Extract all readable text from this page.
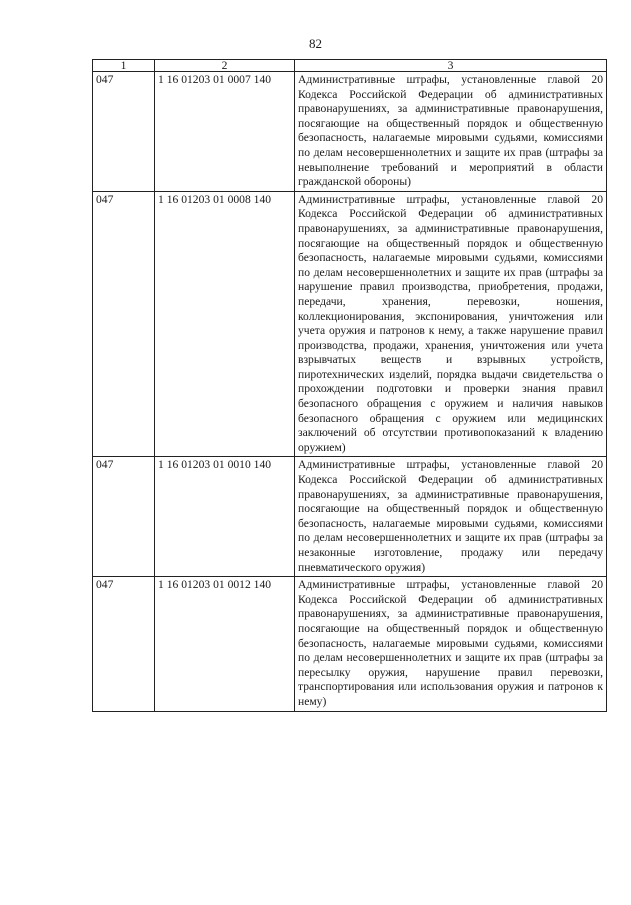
82
1	2	3
047	1 16 01203 01 0007 140	Административные штрафы, установленные главой 20 Кодекса Российской Федерации об административных правонарушениях, за административные правонарушения, посягающие на общественный порядок и общественную безопасность, налагаемые мировыми судьями, комиссиями по делам несовершеннолетних и защите их прав (штрафы за невыполнение требований и мероприятий в области гражданской обороны)
047	1 16 01203 01 0008 140	Административные штрафы, установленные главой 20 Кодекса Российской Федерации об административных правонарушениях, за административные правонарушения, посягающие на общественный порядок и общественную безопасность, налагаемые мировыми судьями, комиссиями по делам несовершеннолетних и защите их прав (штрафы за нарушение правил производства, приобретения, продажи, передачи, хранения, перевозки, ношения, коллекционирования, экспонирования, уничтожения или учета оружия и патронов к нему, а также нарушение правил производства, продажи, хранения, уничтожения или учета взрывчатых веществ и взрывных устройств, пиротехнических изделий, порядка выдачи свидетельства о прохождении подготовки и проверки знания правил безопасного обращения с оружием и наличия навыков безопасного обращения с оружием или медицинских заключений об отсутствии противопоказаний к владению оружием)
047	1 16 01203 01 0010 140	Административные штрафы, установленные главой 20 Кодекса Российской Федерации об административных правонарушениях, за административные правонарушения, посягающие на общественный порядок и общественную безопасность, налагаемые мировыми судьями, комиссиями по делам несовершеннолетних и защите их прав (штрафы за незаконные изготовление, продажу или передачу пневматического оружия)
047	1 16 01203 01 0012 140	Административные штрафы, установленные главой 20 Кодекса Российской Федерации об административных правонарушениях, за административные правонарушения, посягающие на общественный порядок и общественную безопасность, налагаемые мировыми судьями, комиссиями по делам несовершеннолетних и защите их прав (штрафы за пересылку оружия, нарушение правил перевозки, транспортирования или использования оружия и патронов к нему)
